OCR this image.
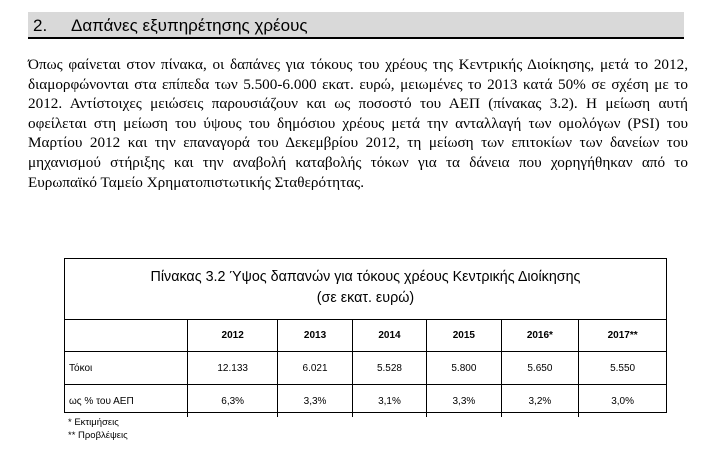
2. Δαπάνες εξυπηρέτησης χρέους

Όπως φαίνεται στον πίνακα, οι δαπάνες για τόκους του χρέους της Κεντρικής Διοίκησης, μετά το 2012, διαμορφώνονται στα επίπεδα των 5.500-6.000 εκατ. ευρώ, μειωμένες το 2013 κατά 50% σε σχέση με το 2012. Αντίστοιχες μειώσεις παρουσιάζουν και ως ποσοστό του ΑΕΠ (πίνακας 3.2). Η μείωση αυτή οφείλεται στη μείωση του ύψους του δημόσιου χρέους μετά την ανταλλαγή των ομολόγων (PSI) του Μαρτίου 2012 και την επαναγορά του Δεκεμβρίου 2012, τη μείωση των επιτοκίων των δανείων του μηχανισμού στήριξης και την αναβολή καταβολής τόκων για τα δάνεια που χορηγήθηκαν από το Ευρωπαϊκό Ταμείο Χρηματοπιστωτικής Σταθερότητας.

Πίνακας 3.2 Ύψος δαπανών για τόκους χρέους Κεντρικής Διοίκησης
(σε εκατ. ευρώ)
	2012	2013	2014	2015	2016*	2017**
Τόκοι	12.133	6.021	5.528	5.800	5.650	5.550
ως % του ΑΕΠ	6,3%	3,3%	3,1%	3,3%	3,2%	3,0%
* Εκτιμήσεις
** Προβλέψεις
